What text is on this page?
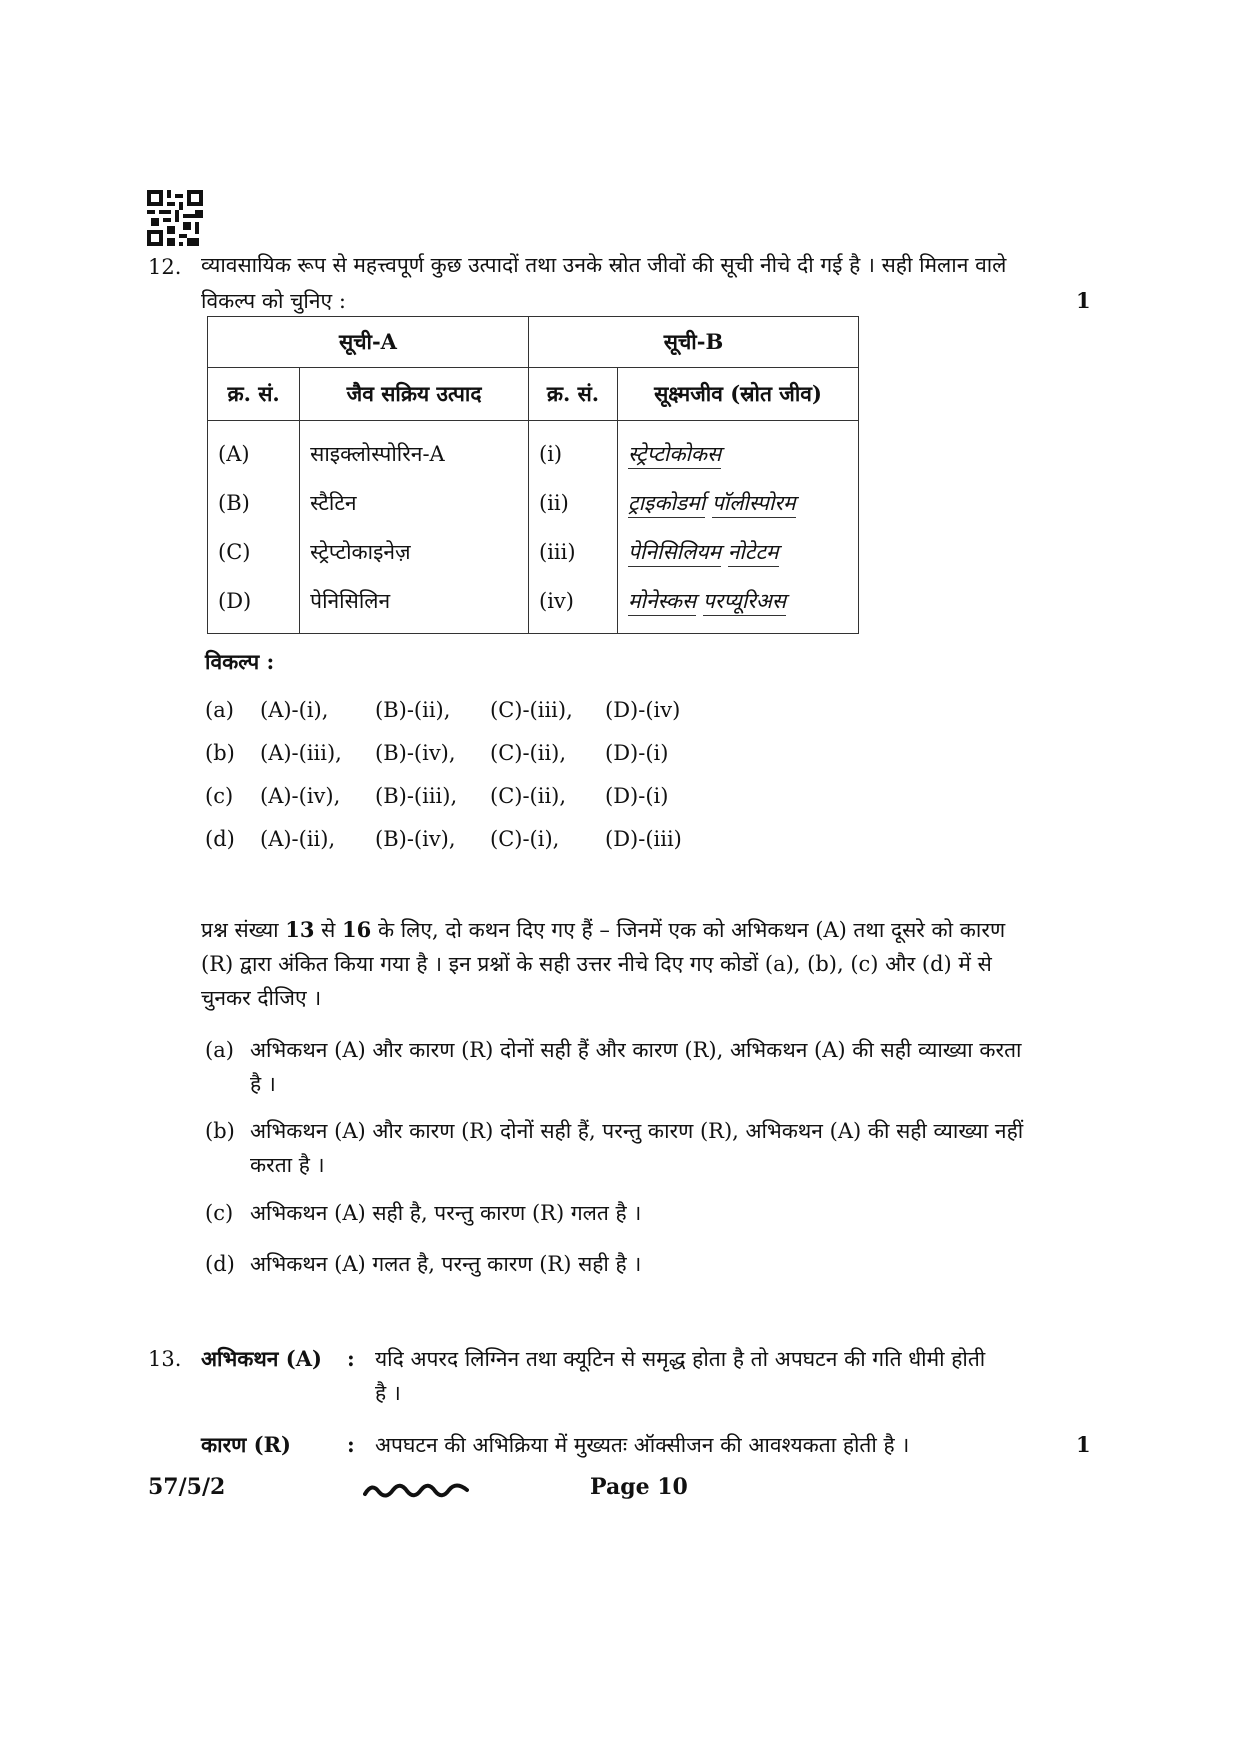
12. व्यावसायिक रूप से महत्त्वपूर्ण कुछ उत्पादों तथा उनके स्रोत जीवों की सूची नीचे दी गई है । सही मिलान वाले
विकल्प को चुनिए :	1
सूची-A		सूची-B	
क्र. सं.	जैव सक्रिय उत्पाद	क्र. सं.	सूक्ष्मजीव (स्रोत जीव)
(A)	साइक्लोस्पोरिन-A	(i)	स्ट्रेप्टोकोकस
(B)	स्टैटिन	(ii)	ट्राइकोडर्मा पॉलीस्पोरम
(C)	स्ट्रेप्टोकाइनेज़	(iii)	पेनिसिलियम नोटेटम
(D)	पेनिसिलिन	(iv)	मोनेस्कस परप्यूरिअस
विकल्प :
(a) (A)-(i), (B)-(ii), (C)-(iii), (D)-(iv)
(b) (A)-(iii), (B)-(iv), (C)-(ii), (D)-(i)
(c) (A)-(iv), (B)-(iii), (C)-(ii), (D)-(i)
(d) (A)-(ii), (B)-(iv), (C)-(i), (D)-(iii)
प्रश्न संख्या 13 से 16 के लिए, दो कथन दिए गए हैं – जिनमें एक को अभिकथन (A) तथा दूसरे को कारण
(R) द्वारा अंकित किया गया है । इन प्रश्नों के सही उत्तर नीचे दिए गए कोडों (a), (b), (c) और (d) में से
चुनकर दीजिए ।
(a) अभिकथन (A) और कारण (R) दोनों सही हैं और कारण (R), अभिकथन (A) की सही व्याख्या करता
है ।
(b) अभिकथन (A) और कारण (R) दोनों सही हैं, परन्तु कारण (R), अभिकथन (A) की सही व्याख्या नहीं
करता है ।
(c) अभिकथन (A) सही है, परन्तु कारण (R) गलत है ।
(d) अभिकथन (A) गलत है, परन्तु कारण (R) सही है ।
13. अभिकथन (A) : यदि अपरद लिग्निन तथा क्यूटिन से समृद्ध होता है तो अपघटन की गति धीमी होती
है ।
कारण (R)	: अपघटन की अभिक्रिया में मुख्यतः ऑक्सीजन की आवश्यकता होती है ।	1
57/5/2	Page 10
